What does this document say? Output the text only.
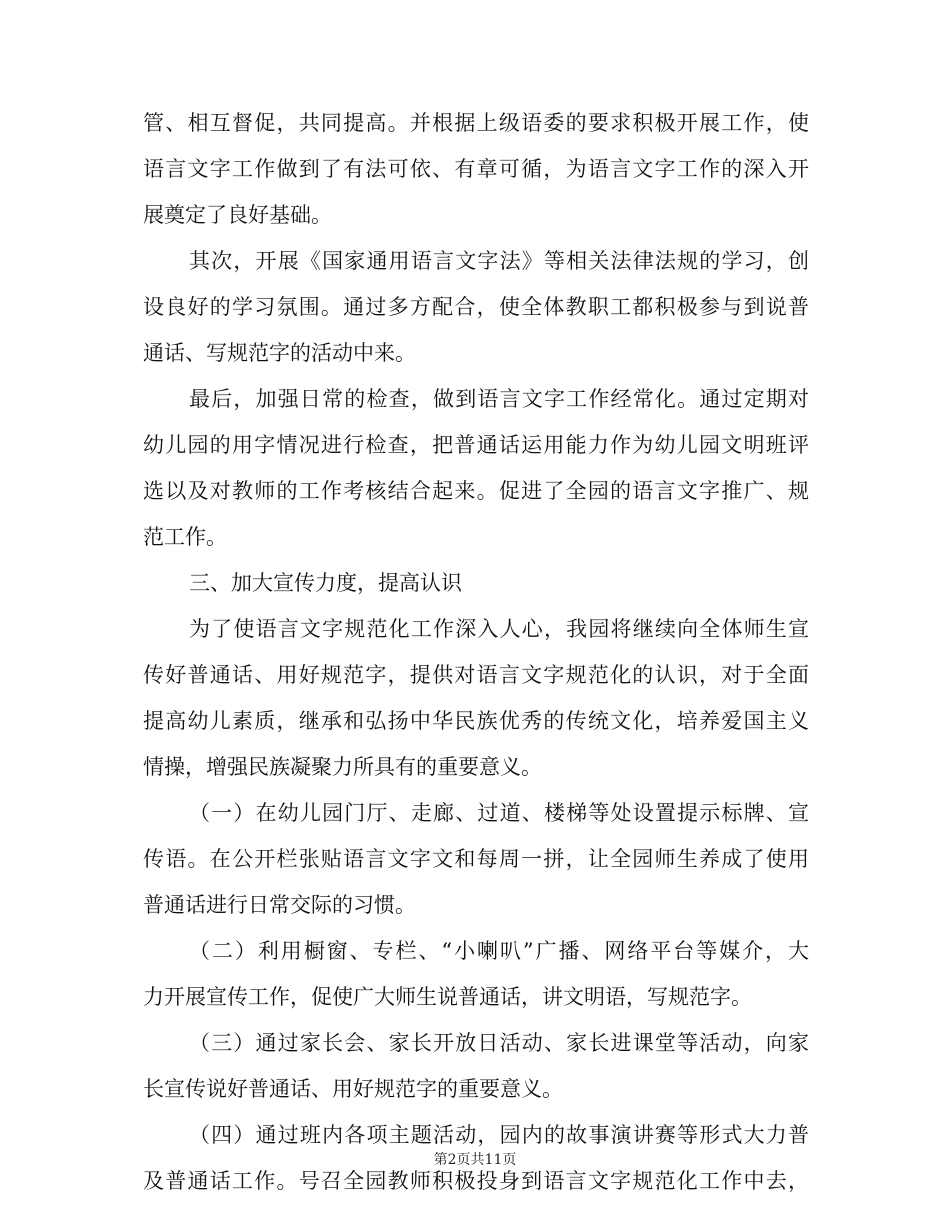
管、相互督促，共同提高。并根据上级语委的要求积极开展工作，使
语言文字工作做到了有法可依、有章可循，为语言文字工作的深入开
展奠定了良好基础。
其次，开展《国家通用语言文字法》等相关法律法规的学习，创
设良好的学习氛围。通过多方配合，使全体教职工都积极参与到说普
通话、写规范字的活动中来。
最后，加强日常的检查，做到语言文字工作经常化。通过定期对
幼儿园的用字情况进行检查，把普通话运用能力作为幼儿园文明班评
选以及对教师的工作考核结合起来。促进了全园的语言文字推广、规
范工作。
三、加大宣传力度，提高认识
为了使语言文字规范化工作深入人心，我园将继续向全体师生宣
传好普通话、用好规范字，提供对语言文字规范化的认识，对于全面
提高幼儿素质，继承和弘扬中华民族优秀的传统文化，培养爱国主义
情操，增强民族凝聚力所具有的重要意义。
（一）在幼儿园门厅、走廊、过道、楼梯等处设置提示标牌、宣
传语。在公开栏张贴语言文字文和每周一拼，让全园师生养成了使用
普通话进行日常交际的习惯。
（二）利用橱窗、专栏、“小喇叭”广播、网络平台等媒介，大
力开展宣传工作，促使广大师生说普通话，讲文明语，写规范字。
（三）通过家长会、家长开放日活动、家长进课堂等活动，向家
长宣传说好普通话、用好规范字的重要意义。
（四）通过班内各项主题活动，园内的故事演讲赛等形式大力普
及普通话工作。号召全园教师积极投身到语言文字规范化工作中去，
第2页共11页
